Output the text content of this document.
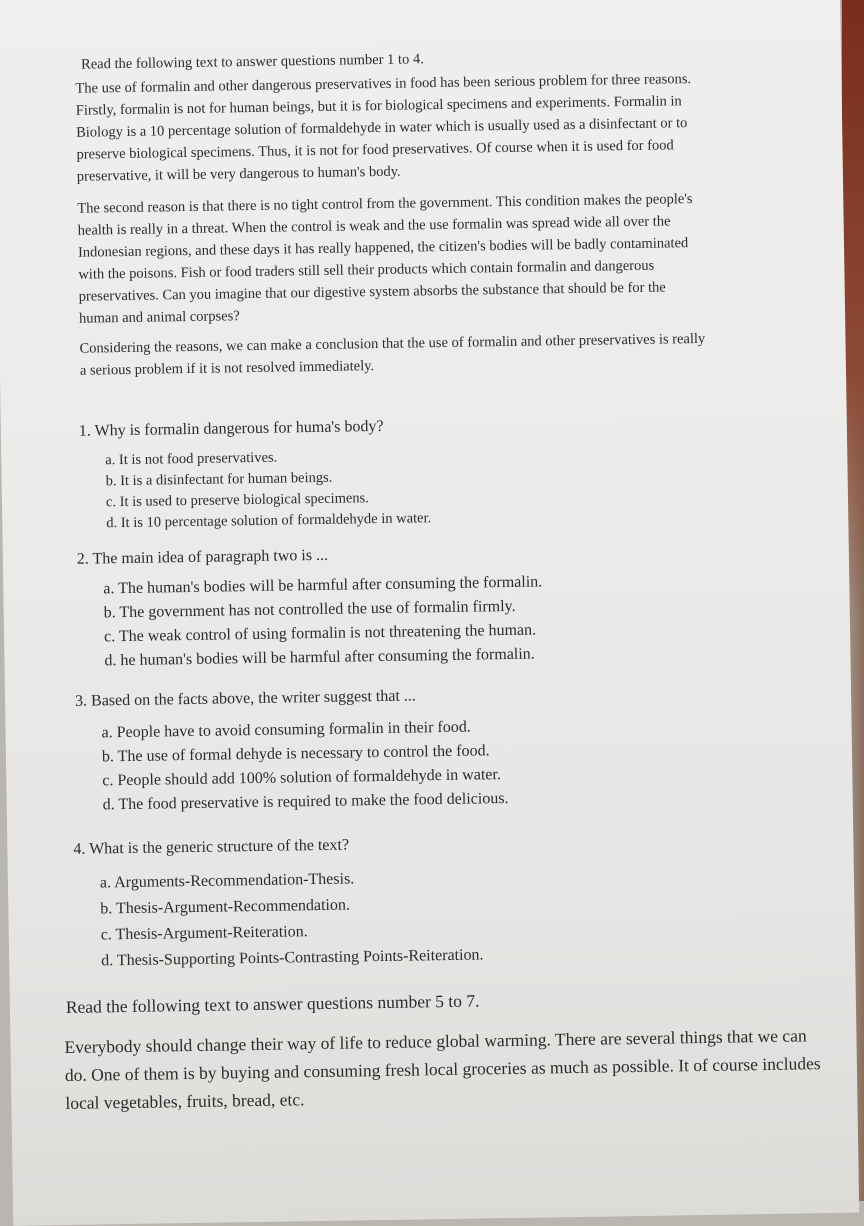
Read the following text to answer questions number 1 to 4.
The use of formalin and other dangerous preservatives in food has been serious problem for three reasons.
Firstly, formalin is not for human beings, but it is for biological specimens and experiments. Formalin in
Biology is a 10 percentage solution of formaldehyde in water which is usually used as a disinfectant or to
preserve biological specimens. Thus, it is not for food preservatives. Of course when it is used for food
preservative, it will be very dangerous to human's body.
The second reason is that there is no tight control from the government. This condition makes the people's
health is really in a threat. When the control is weak and the use formalin was spread wide all over the
Indonesian regions, and these days it has really happened, the citizen's bodies will be badly contaminated
with the poisons. Fish or food traders still sell their products which contain formalin and dangerous
preservatives. Can you imagine that our digestive system absorbs the substance that should be for the
human and animal corpses?
Considering the reasons, we can make a conclusion that the use of formalin and other preservatives is really
a serious problem if it is not resolved immediately.
1. Why is formalin dangerous for huma's body?
a. It is not food preservatives.
b. It is a disinfectant for human beings.
c. It is used to preserve biological specimens.
d. It is 10 percentage solution of formaldehyde in water.
2. The main idea of paragraph two is ...
a. The human's bodies will be harmful after consuming the formalin.
b. The government has not controlled the use of formalin firmly.
c. The weak control of using formalin is not threatening the human.
d. he human's bodies will be harmful after consuming the formalin.
3. Based on the facts above, the writer suggest that ...
a. People have to avoid consuming formalin in their food.
b. The use of formal dehyde is necessary to control the food.
c. People should add 100% solution of formaldehyde in water.
d. The food preservative is required to make the food delicious.
4. What is the generic structure of the text?
a. Arguments-Recommendation-Thesis.
b. Thesis-Argument-Recommendation.
c. Thesis-Argument-Reiteration.
d. Thesis-Supporting Points-Contrasting Points-Reiteration.
Read the following text to answer questions number 5 to 7.
Everybody should change their way of life to reduce global warming. There are several things that we can
do. One of them is by buying and consuming fresh local groceries as much as possible. It of course includes
local vegetables, fruits, bread, etc.
